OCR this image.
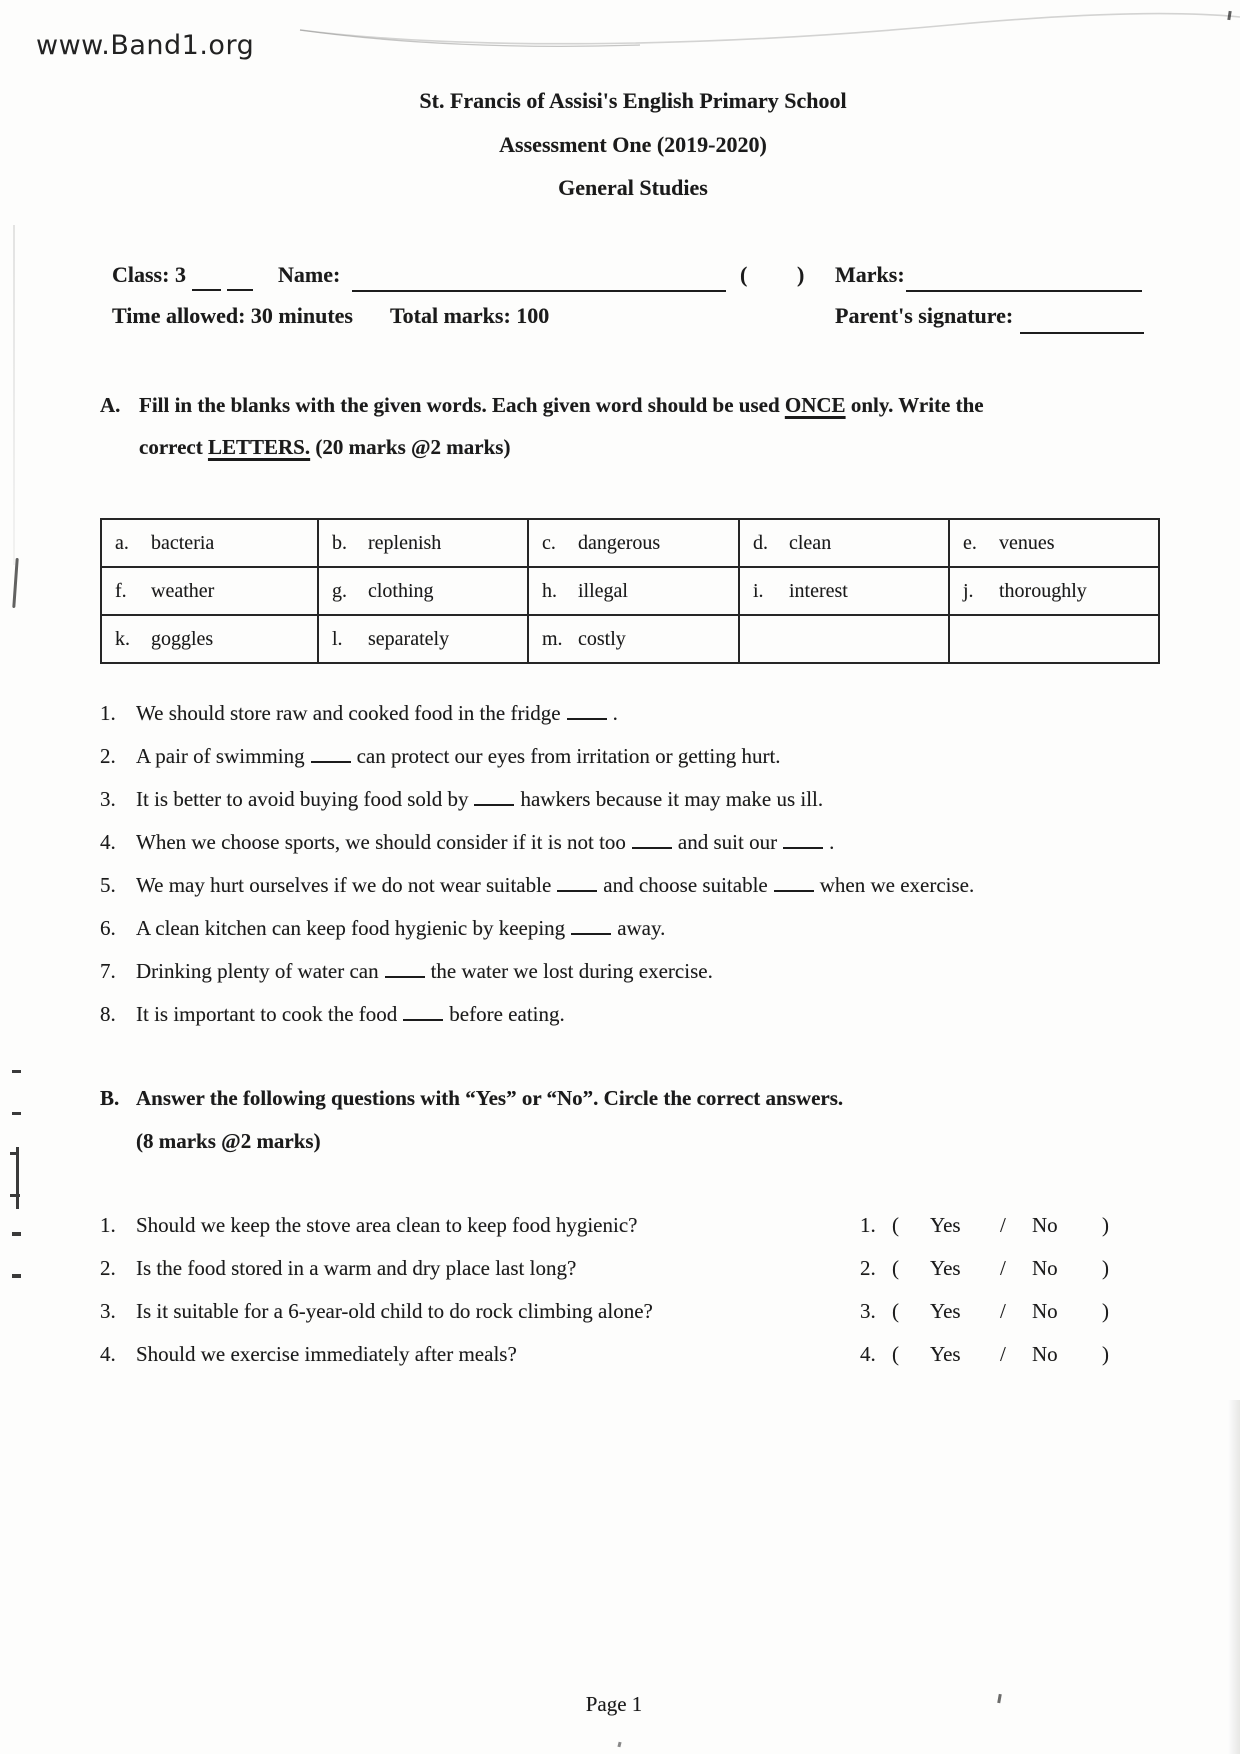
www.Band1.org
St. Francis of Assisi's English Primary School
Assessment One (2019-2020)
General Studies
Class: 3	Name:	( ) Marks:
Time allowed: 30 minutes Total marks: 100	Parent's signature:
A. Fill in the blanks with the given words. Each given word should be used ONCE only. Write the
correct LETTERS. (20 marks @2 marks)
a. bacteria	b. replenish	c. dangerous	d. clean	e. venues
f. weather	g. clothing	h. illegal	i. interest	j. thoroughly
k. goggles	l. separately	m. costly		
1. We should store raw and cooked food in the fridge .
2. A pair of swimming can protect our eyes from irritation or getting hurt.
3. It is better to avoid buying food sold by hawkers because it may make us ill.
4. When we choose sports, we should consider if it is not too and suit our .
5. We may hurt ourselves if we do not wear suitable and choose suitable when we exercise.
6. A clean kitchen can keep food hygienic by keeping away.
7. Drinking plenty of water can the water we lost during exercise.
8. It is important to cook the food before eating.
B. Answer the following questions with “Yes” or “No”. Circle the correct answers.
(8 marks @2 marks)
1. Should we keep the stove area clean to keep food hygienic?	1. ( Yes / No )
2. Is the food stored in a warm and dry place last long?	2. ( Yes / No )
3. Is it suitable for a 6-year-old child to do rock climbing alone?	3. ( Yes / No )
4. Should we exercise immediately after meals?	4. ( Yes / No )
Page 1
